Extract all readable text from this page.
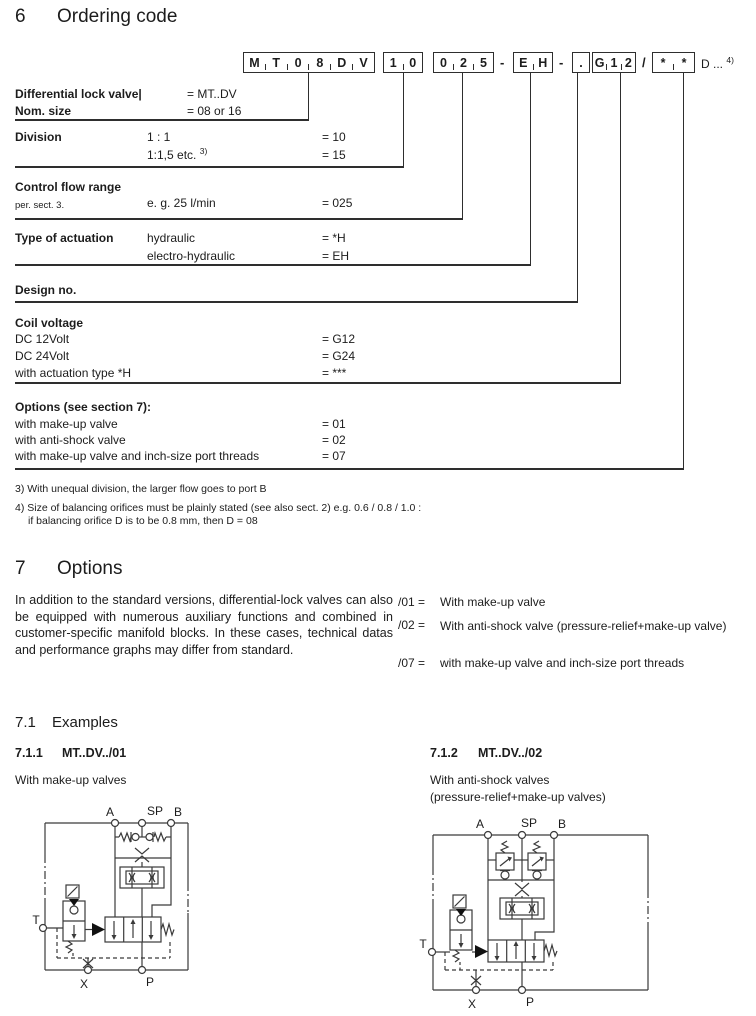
6 Ordering code
M	T	0	8	D	V	1	0	0	2	5	-	E H -	. G 1 2 /	*	*	D ... $^{4)}$
Differential lock valve|	= MT..DV
Nom. size	= 08 or 16
Division	1 : 1	= 10
1:1,5 etc. $^{3)}$	= 15
Control flow range
per. sect. 3.	e. g. 25 l/min	= 025
Type of actuation	hydraulic	= *H
electro-hydraulic	= EH
Design no.
Coil voltage
DC 12Volt	= G12
DC 24Volt	= G24
with actuation type *H	= ***
Options (see section 7):
with make-up valve	= 01
with anti-shock valve	= 02
with make-up valve and inch-size port threads	= 07
3) With unequal division, the larger flow goes to port B
4) Size of balancing orifices must be plainly stated (see also sect. 2) e.g. 0.6 / 0.8 / 1.0 :
if balancing orifice D is to be 0.8 mm, then D = 08
7 Options
In addition to the standard versions, differential-lock valves can also be equipped with numerous auxiliary functions and combined in customer-specific manifold blocks. In these cases, technical datas and performance graphs may differ from standard.
/01 = With make-up valve
/02 = With anti-shock valve (pressure-relief+make-up valve)
/07 = with make-up valve and inch-size port threads
7.1 Examples
7.1.1 MT..DV../01
With make-up valves
7.1.2 MT..DV../02
With anti-shock valves
(pressure-relief+make-up valves)
A	SP B
T
X	P
A	SP B
T
X	P
